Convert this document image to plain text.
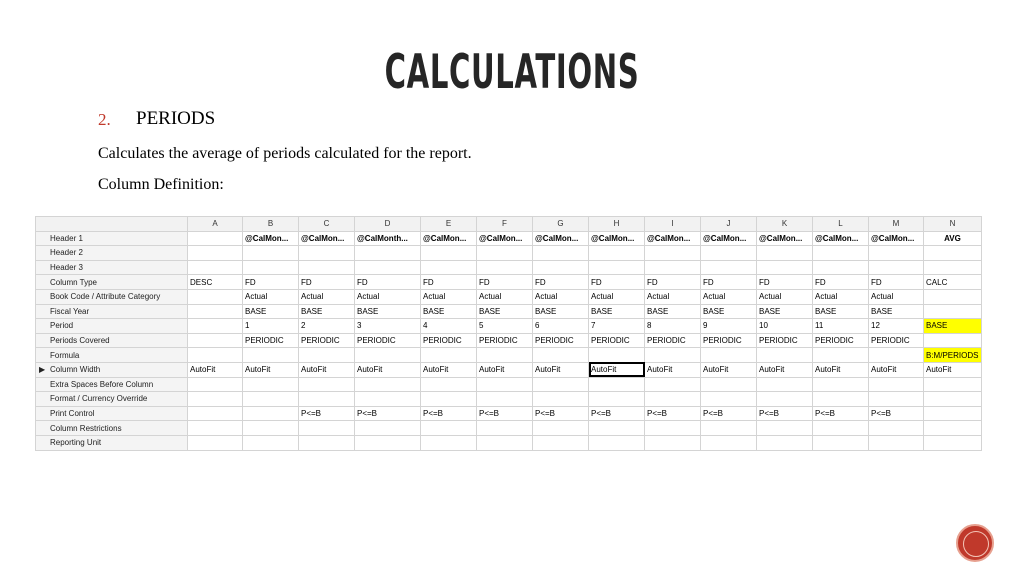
CALCULATIONS
2. PERIODS
Calculates the average of periods calculated for the report.
Column Definition:
	A	B	C	D	E	F	G	H	I	J	K	L	M	N
Header 1		@CalMon...	@CalMon...	@CalMonth...	@CalMon...	@CalMon...	@CalMon...	@CalMon...	@CalMon...	@CalMon...	@CalMon...	@CalMon...	@CalMon...	AVG
Header 2														
Header 3														
Column Type	DESC	FD	FD	FD	FD	FD	FD	FD	FD	FD	FD	FD	FD	CALC
Book Code / Attribute Category		Actual	Actual	Actual	Actual	Actual	Actual	Actual	Actual	Actual	Actual	Actual	Actual	
Fiscal Year		BASE	BASE	BASE	BASE	BASE	BASE	BASE	BASE	BASE	BASE	BASE	BASE	
Period		1	2	3	4	5	6	7	8	9	10	11	12	BASE
Periods Covered		PERIODIC	PERIODIC	PERIODIC	PERIODIC	PERIODIC	PERIODIC	PERIODIC	PERIODIC	PERIODIC	PERIODIC	PERIODIC	PERIODIC	
Formula														B:M/PERIODS

▶ Column Width	AutoFit	AutoFit	AutoFit	AutoFit	AutoFit	AutoFit	AutoFit	AutoFit	AutoFit	AutoFit	AutoFit	AutoFit	AutoFit	AutoFit
Extra Spaces Before Column														
Format / Currency Override														
Print Control			P<=B	P<=B	P<=B	P<=B	P<=B	P<=B	P<=B	P<=B	P<=B	P<=B	P<=B	
Column Restrictions														
Reporting Unit														
